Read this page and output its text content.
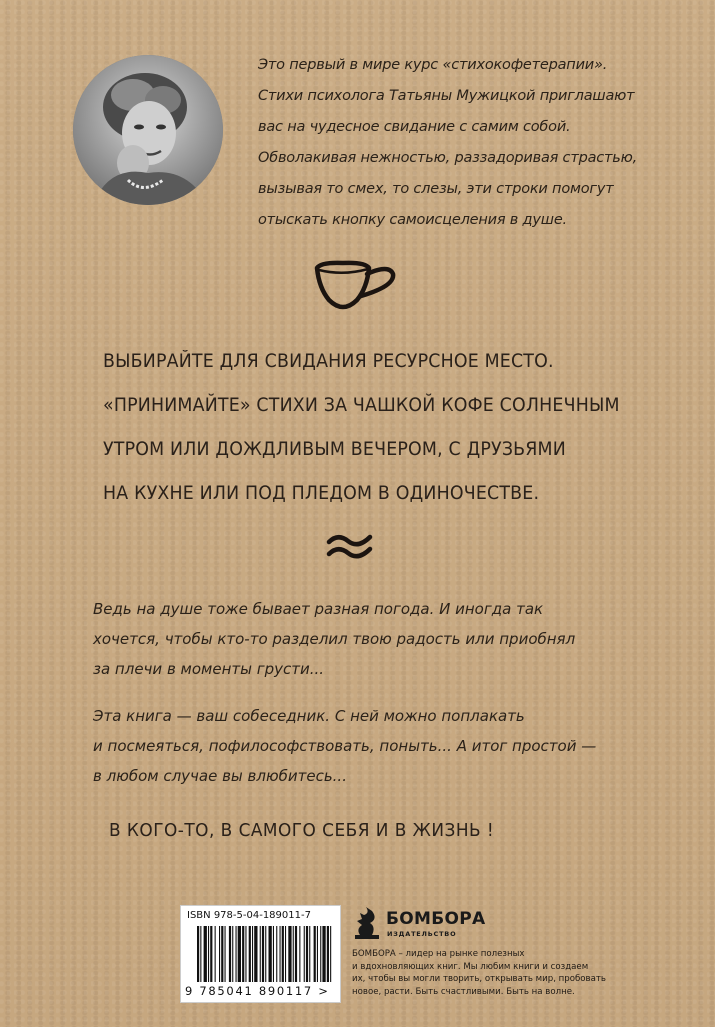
Это первый в мире курс «стихокофетерапии».
Стихи психолога Татьяны Мужицкой приглашают
вас на чудесное свидание с самим собой.
Обволакивая нежностью, раззадоривая страстью,
вызывая то смех, то слезы, эти строки помогут
отыскать кнопку самоисцеления в душе.
ВЫБИРАЙТЕ ДЛЯ СВИДАНИЯ РЕСУРСНОЕ МЕСТО.
«ПРИНИМАЙТЕ» СТИХИ ЗА ЧАШКОЙ КОФЕ СОЛНЕЧНЫМ
УТРОМ ИЛИ ДОЖДЛИВЫМ ВЕЧЕРОМ, С ДРУЗЬЯМИ
НА КУХНЕ ИЛИ ПОД ПЛЕДОМ В ОДИНОЧЕСТВЕ.
Ведь на душе тоже бывает разная погода. И иногда так
хочется, чтобы кто-то разделил твою радость или приобнял
за плечи в моменты грусти...
Эта книга — ваш собеседник. С ней можно поплакать
и посмеяться, пофилософствовать, поныть... А итог простой —
в любом случае вы влюбитесь...
В КОГО-ТО, В САМОГО СЕБЯ И В ЖИЗНЬ !
ISBN 978-5-04-189011-7
9 785041 890117 >
БОМБОРА
ИЗДАТЕЛЬСТВО
БОМБОРА – лидер на рынке полезных
и вдохновляющих книг. Мы любим книги и создаем
их, чтобы вы могли творить, открывать мир, пробовать
новое, расти. Быть счастливыми. Быть на волне.
